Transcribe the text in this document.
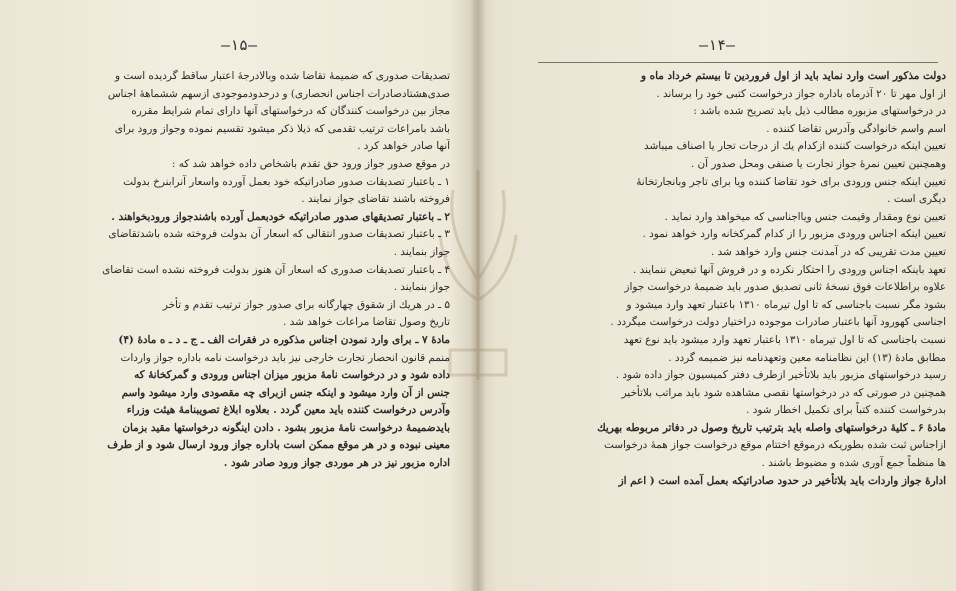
—۱۵—
تصدیقات صدوری که ضمیمهٔ تقاضا شده وبالادرجهٔ اعتبار ساقط گردیده است و
صدی‌هشتادصادرات اجناس انحصاری) و درحدودموجودی ازسهم ششماههٔ اجناس
مجاز بین درخواست کنندگان که درخواستهای آنها دارای تمام شرایط مقرره
باشد بامراعات ترتیب تقدمی که ذیلا ذکر میشود تقسیم نموده وجواز ورود برای
آنها صادر خواهد کرد .
در موقع صدور جواز ورود حق تقدم باشخاص داده خواهد شد که :
۱ ـ باعتبار تصدیقات صدور صادراتیکه خود بعمل آورده واسعار آنرابنرخ بدولت
فروخته باشند تقاضای جواز نمایند .
۲ ـ باعتبار تصدیقهای صدور صادراتیکه خودبعمل آورده باشندجواز ورودبخواهند .
۳ ـ باعتبار تصدیقات صدور انتقالی که اسعار آن بدولت فروخته شده باشدتقاضای
جواز بنمایند .
۴ ـ باعتبار تصدیقات صدوری که اسعار آن هنوز بدولت فروخته نشده است تقاضای
جواز بنمایند .
۵ ـ در هریك از شقوق چهارگانه برای صدور جواز ترتیب تقدم و تأخر
تاریخ وصول تقاضا مراعات خواهد شد .
مادهٔ ۷ ـ برای وارد نمودن اجناس مذکوره در فقرات الف ـ ج ـ د ـ ه مادهٔ (۴)
منمم قانون انحصار تجارت خارجی نیز باید درخواست نامه باداره جواز واردات
داده شود و در درخواست نامهٔ مزبور میزان اجناس ورودی و گمرکخانهٔ که
جنس از آن وارد میشود و اینکه جنس ازبرای چه مقصودی وارد میشود واسم
وآدرس درخواست کننده باید معین گردد . بعلاوه ابلاغ تصویبنامهٔ هیئت وزراء
بایدضمیمهٔ درخواست نامهٔ مزبور بشود . دادن اینگونه درخواستها مقید بزمان
معینی نبوده و در هر موقع ممکن است باداره جواز ورود ارسال شود و از طرف
اداره مزبور نیز در هر موردی جواز ورود صادر شود .
—۱۴—
دولت مذکور است وارد نماید باید از اول فروردین تا بیستم خرداد ماه و
از اول مهر تا ۲۰ آذرماه باداره جواز درخواست کتبی خود را برساند .
در درخواستهای مزبوره مطالب ذیل باید تصریح شده باشد :
اسم واسم خانوادگی وآدرس تقاضا کننده .
تعیین اینکه درخواست کننده ازکدام یك از درجات تجار یا اصناف میباشد
وهمچنین تعیین نمرهٔ جواز تجارت یا صنفی ومحل صدور آن .
تعیین اینکه جنس ورودی برای خود تقاضا کننده ویا برای تاجر وبانجارتخانهٔ
دیگری است .
تعیین نوع ومقدار وقیمت جنس ویااجناسی که میخواهد وارد نماید .
تعیین اینکه اجناس ورودی مزبور را از کدام گمرکخانه وارد خواهد نمود .
تعیین مدت تقریبی که در آمدنت جنس وارد خواهد شد .
تعهد باینکه اجناس ورودی را احتکار نکرده و در فروش آنها تبعیض ننمایند .
علاوه براطلاعات فوق نسخهٔ ثانی تصدیق صدور باید ضمیمهٔ درخواست جواز
بشود مگر نسبت باجناسی که تا اول تیرماه ۱۳۱۰ باعتبار تعهد وارد میشود و
اجناسی کهورود آنها باعتبار صادرات موجوده دراختیار دولت درخواست میگردد .
نسبت باجناسی که تا اول تیرماه ۱۳۱۰ باعتبار تعهد وارد میشود باید نوع تعهد
مطابق مادهٔ (۱۳) این نظامنامه معین وتعهدنامه نیز ضمیمه گردد .
رسید درخواستهای مزبور باید بلاتأخیر ازطرف دفتر کمیسیون جواز داده شود .
همچنین در صورتی که در درخواستها نقصی مشاهده شود باید مراتب بلاتأخیر
بدرخواست کننده کتباً برای تکمیل اخطار شود .
مادهٔ ۶ ـ کلیهٔ درخواستهای واصله باید بترتیب تاریخ وصول در دفاتر مربوطه بهریك
ازاجناس ثبت شده بطوریکه درموقع اختتام موقع درخواست جواز همهٔ درخواست
ها منظماً جمع آوری شده و مضبوط باشند .
ادارهٔ جواز واردات باید بلاتأخیر در حدود صادراتیکه بعمل آمده است ( اعم از
